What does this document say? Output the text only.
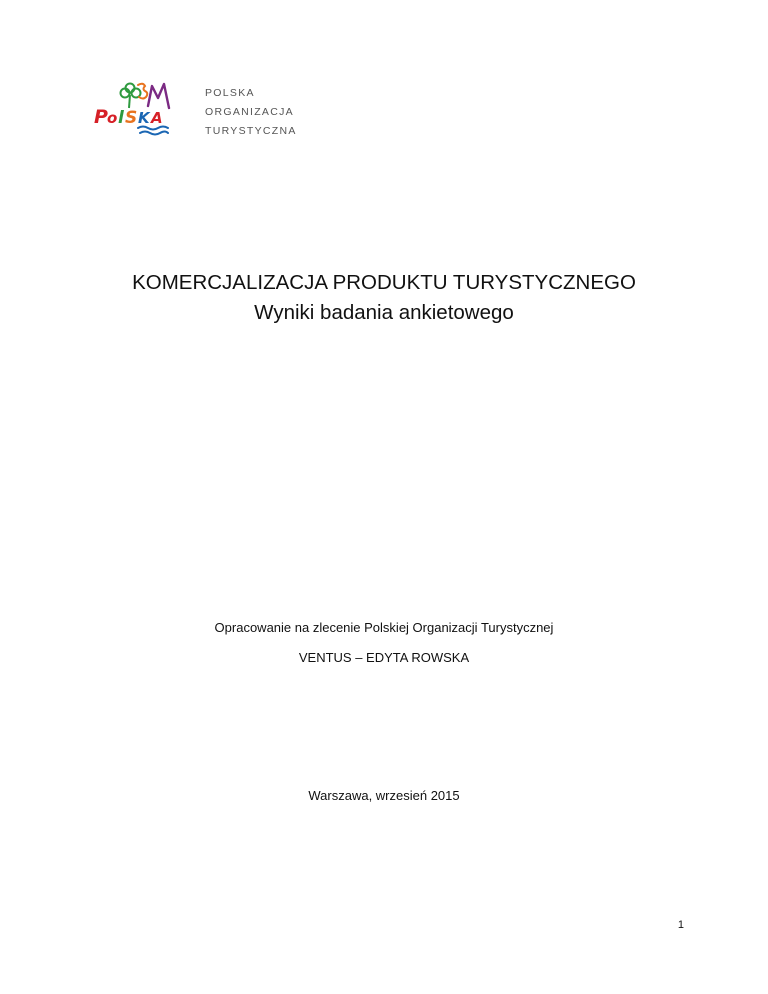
P o l S K A
POLSKA
ORGANIZACJA
TURYSTYCZNA
KOMERCJALIZACJA PRODUKTU TURYSTYCZNEGO
Wyniki badania ankietowego
Opracowanie na zlecenie Polskiej Organizacji Turystycznej
VENTUS – EDYTA ROWSKA
Warszawa, wrzesień 2015
1
